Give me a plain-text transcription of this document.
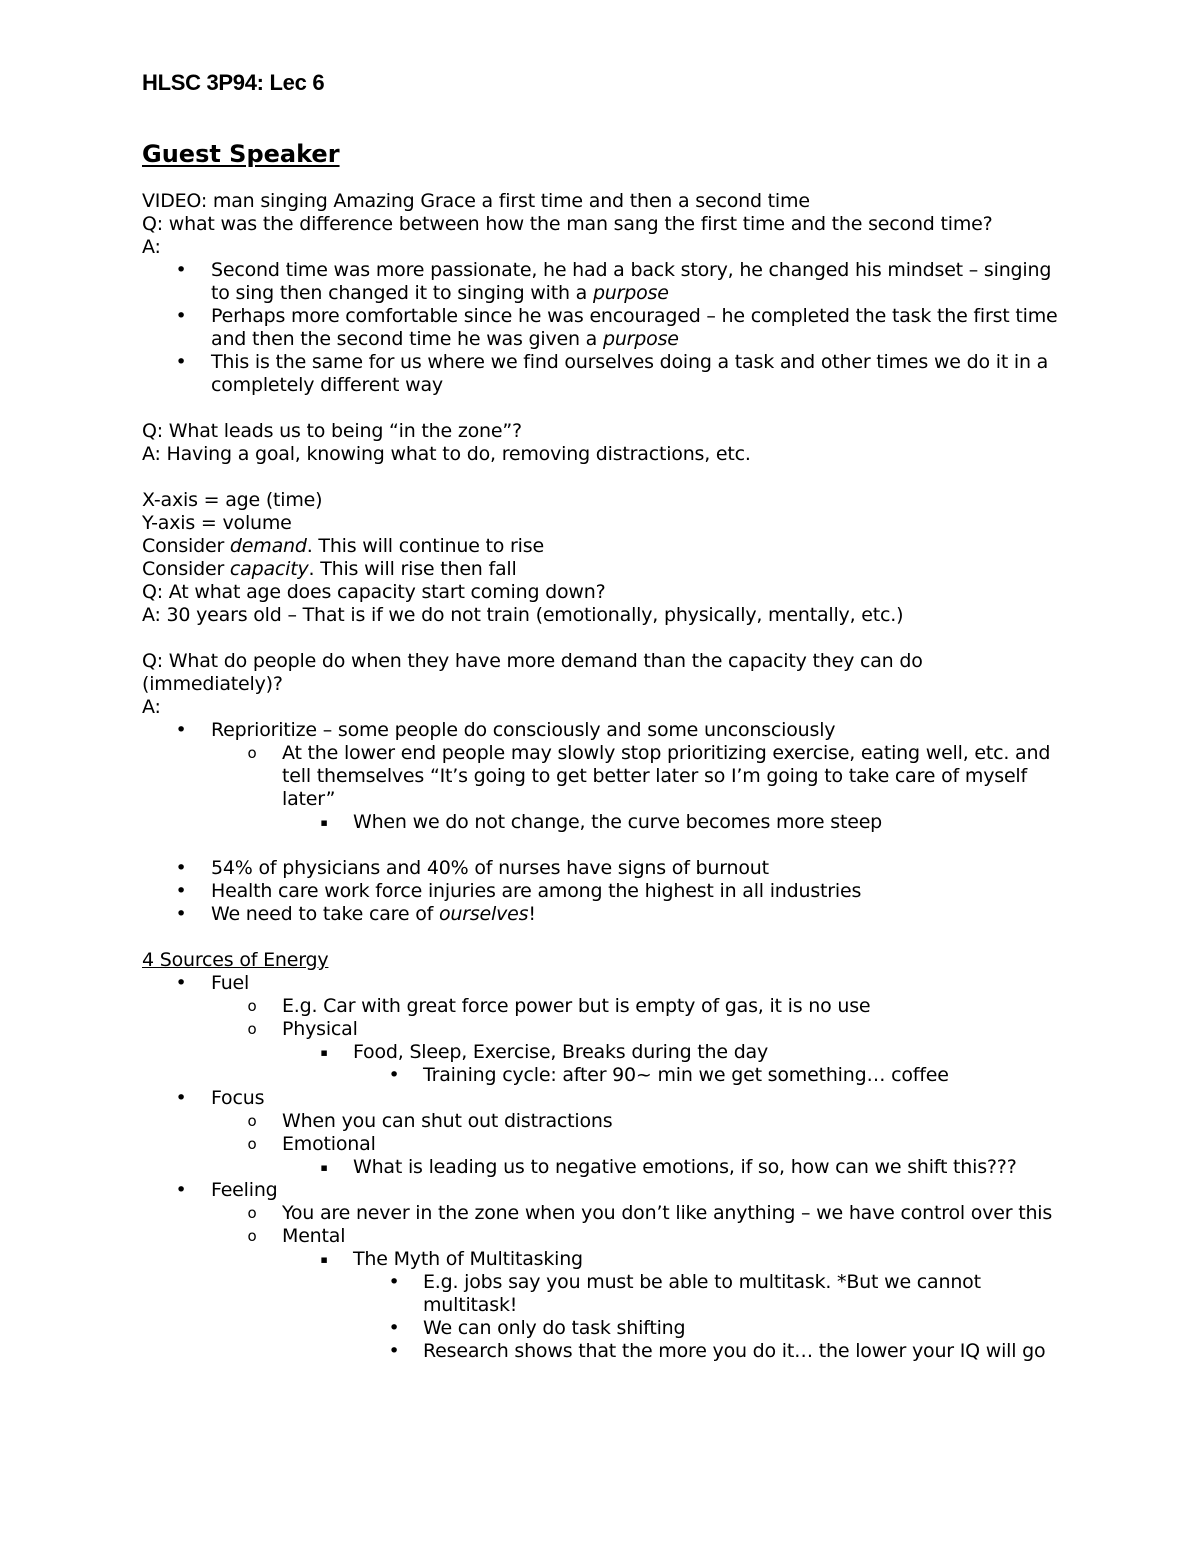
HLSC 3P94: Lec 6
Guest Speaker

VIDEO: man singing Amazing Grace a first time and then a second time

Q: what was the difference between how the man sang the first time and the second time?

A:

• Second time was more passionate, he had a back story, he changed his mindset – singing to sing then changed it to singing with a purpose
• Perhaps more comfortable since he was encouraged – he completed the task the first time and then the second time he was given a purpose
• This is the same for us where we find ourselves doing a task and other times we do it in a completely different way

Q: What leads us to being “in the zone”?

A: Having a goal, knowing what to do, removing distractions, etc.

X-axis = age (time)

Y-axis = volume

Consider demand. This will continue to rise

Consider capacity. This will rise then fall

Q: At what age does capacity start coming down?

A: 30 years old – That is if we do not train (emotionally, physically, mentally, etc.)

Q: What do people do when they have more demand than the capacity they can do (immediately)?

A:

• Reprioritize – some people do consciously and some unconsciously
o At the lower end people may slowly stop prioritizing exercise, eating well, etc. and tell themselves “It’s going to get better later so I’m going to take care of myself later”
▪ When we do not change, the curve becomes more steep
• 54% of physicians and 40% of nurses have signs of burnout
• Health care work force injuries are among the highest in all industries
• We need to take care of ourselves!

4 Sources of Energy

• Fuel
o E.g. Car with great force power but is empty of gas, it is no use
o Physical
▪ Food, Sleep, Exercise, Breaks during the day
• Training cycle: after 90~ min we get something… coffee
• Focus
o When you can shut out distractions
o Emotional
▪ What is leading us to negative emotions, if so, how can we shift this???
• Feeling
o You are never in the zone when you don’t like anything – we have control over this
o Mental
▪ The Myth of Multitasking
• E.g. jobs say you must be able to multitask. *But we cannot multitask!
• We can only do task shifting
• Research shows that the more you do it… the lower your IQ will go
